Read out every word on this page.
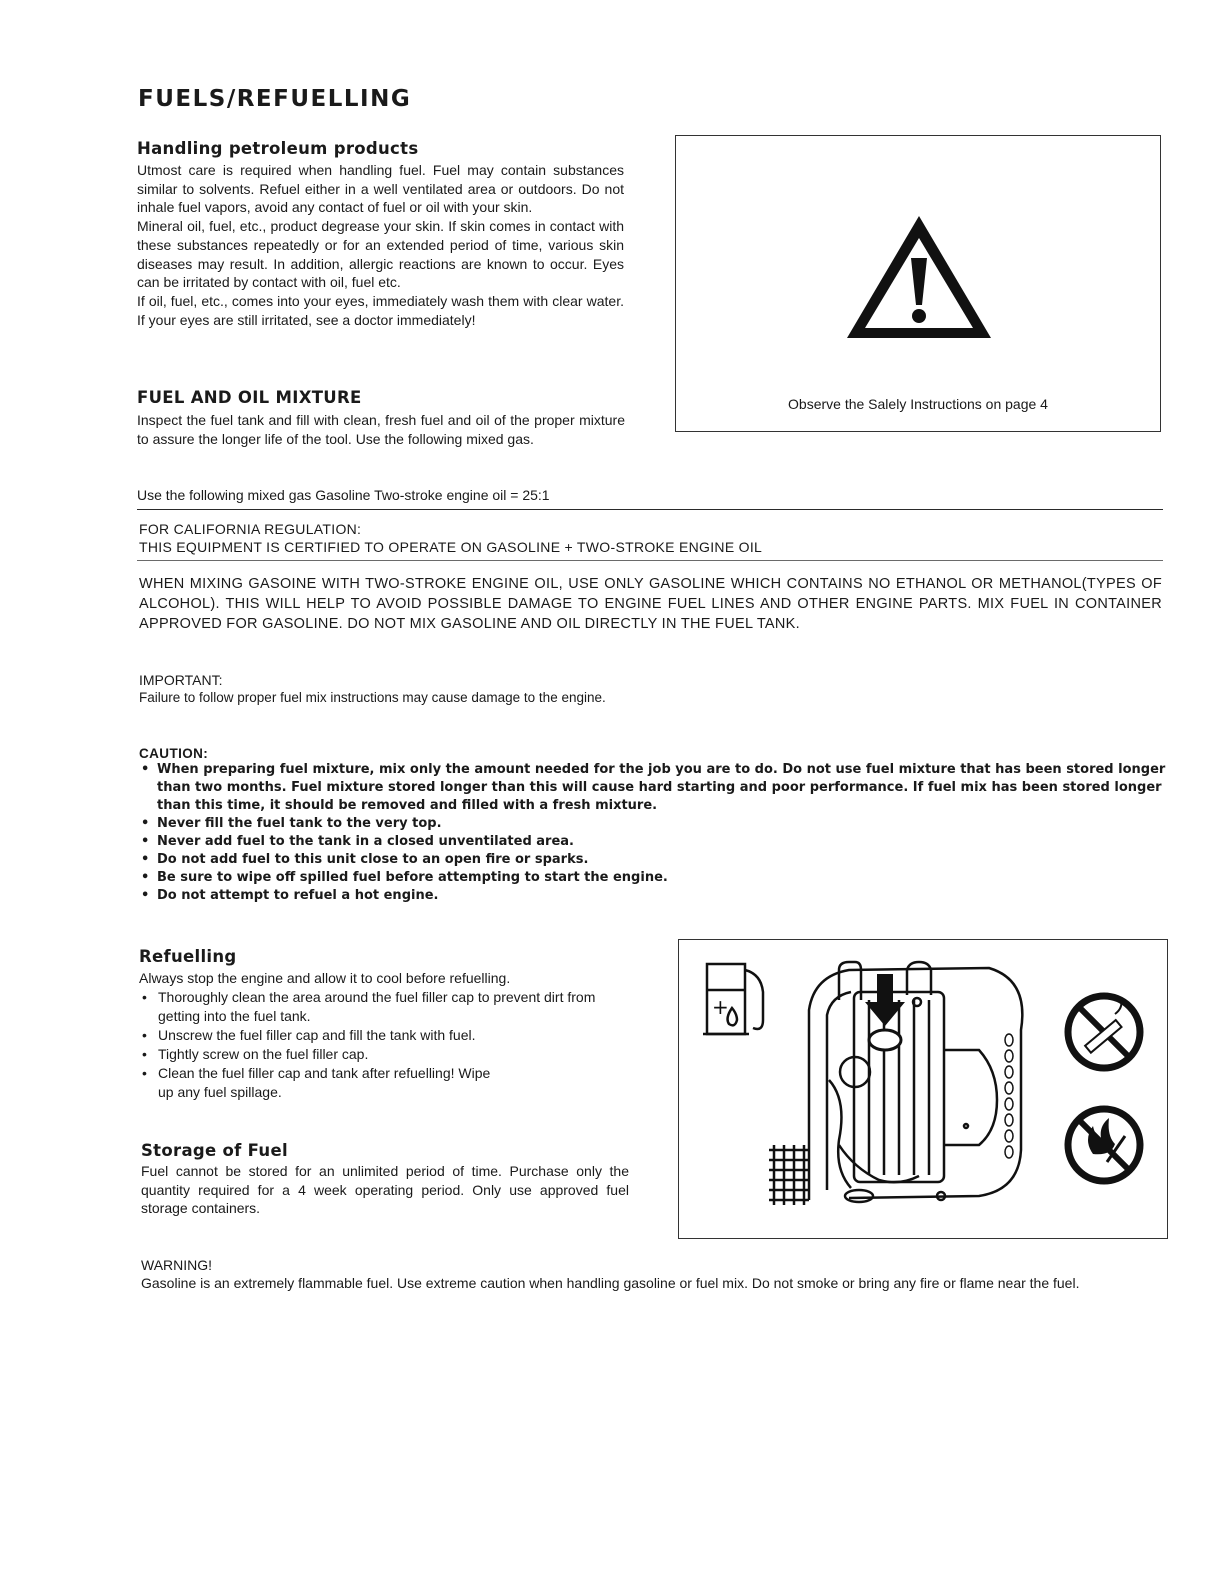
FUELS/REFUELLING
Handling petroleum products

Utmost care is required when handling fuel. Fuel may contain substances similar to solvents. Refuel either in a well ventilated area or outdoors. Do not inhale fuel vapors, avoid any contact of fuel or oil with your skin.

Mineral oil, fuel, etc., product degrease your skin. If skin comes in contact with these substances repeatedly or for an extended period of time, various skin diseases may result. In addition, allergic reactions are known to occur. Eyes can be irritated by contact with oil, fuel etc.

If oil, fuel, etc., comes into your eyes, immediately wash them with clear water. If your eyes are still irritated, see a doctor immediately!

Observe the Salely Instructions on page 4
FUEL AND OIL MIXTURE

Inspect the fuel tank and fill with clean, fresh fuel and oil of the proper mixture to assure the longer life of the tool. Use the following mixed gas.

Use the following mixed gas Gasoline Two-stroke engine oil = 25:1

FOR CALIFORNIA REGULATION:

THIS EQUIPMENT IS CERTIFIED TO OPERATE ON GASOLINE + TWO-STROKE ENGINE OIL

WHEN MIXING GASOINE WITH TWO-STROKE ENGINE OIL, USE ONLY GASOLINE WHICH CONTAINS NO ETHANOL OR METHANOL(TYPES OF ALCOHOL). THIS WILL HELP TO AVOID POSSIBLE DAMAGE TO ENGINE FUEL LINES AND OTHER ENGINE PARTS. MIX FUEL IN CONTAINER APPROVED FOR GASOLINE. DO NOT MIX GASOLINE AND OIL DIRECTLY IN THE FUEL TANK.

IMPORTANT:

Failure to follow proper fuel mix instructions may cause damage to the engine.

CAUTION:

• When preparing fuel mixture, mix only the amount needed for the job you are to do. Do not use fuel mixture that has been stored longer than two months. Fuel mixture stored longer than this will cause hard starting and poor performance. If fuel mix has been stored longer than this time, it should be removed and filled with a fresh mixture.
• Never fill the fuel tank to the very top.
• Never add fuel to the tank in a closed unventilated area.
• Do not add fuel to this unit close to an open fire or sparks.
• Be sure to wipe off spilled fuel before attempting to start the engine.
• Do not attempt to refuel a hot engine.
Refuelling

Always stop the engine and allow it to cool before refuelling.

• Thoroughly clean the area around the fuel filler cap to prevent dirt from getting into the fuel tank.
• Unscrew the fuel filler cap and fill the tank with fuel.
• Tightly screw on the fuel filler cap.
• Clean the fuel filler cap and tank after refuelling! Wipe up any fuel spillage.
Storage of Fuel

Fuel cannot be stored for an unlimited period of time. Purchase only the quantity required for a 4 week operating period. Only use approved fuel storage containers.

+

WARNING!

Gasoline is an extremely flammable fuel. Use extreme caution when handling gasoline or fuel mix. Do not smoke or bring any fire or flame near the fuel.
